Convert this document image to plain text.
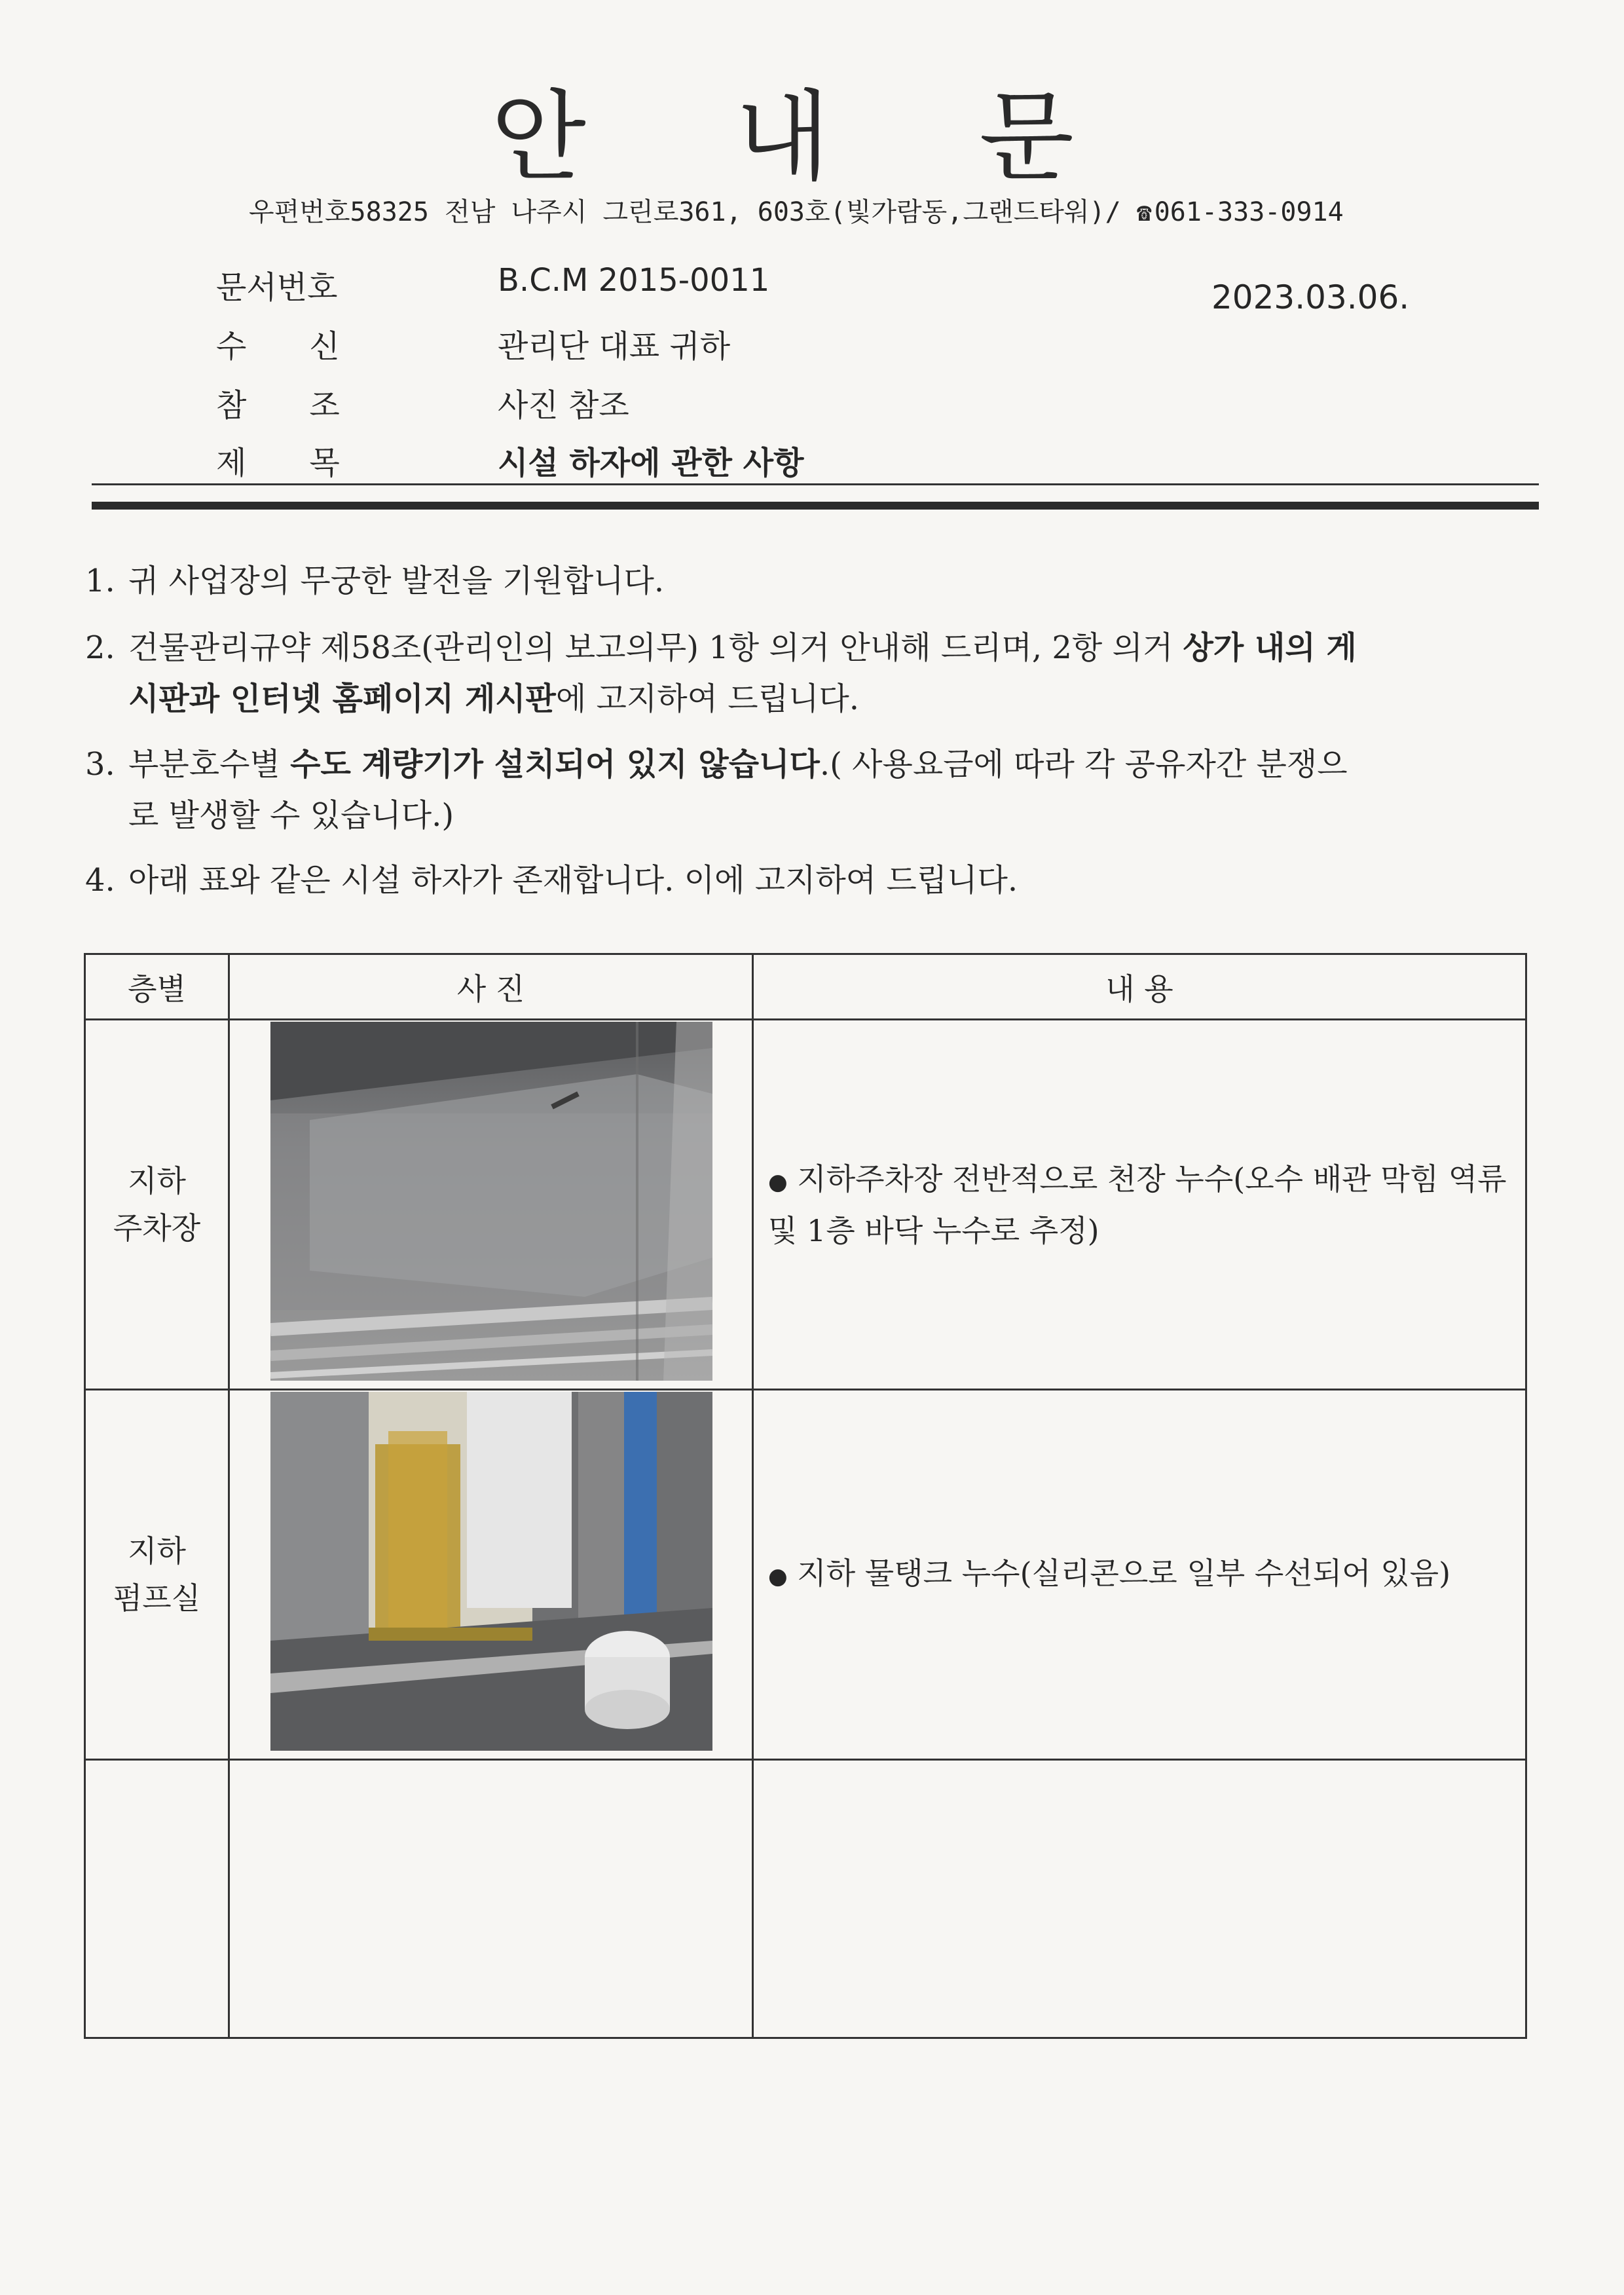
안 내 문
우편번호58325 전남 나주시 그린로361, 603호(빛가람동,그랜드타워)/ ☎ 061-333-0914
문서번호	B.C.M 2015-0011	2023.03.06.
수　　신	관리단 대표 귀하
참　　조	사진 참조
제　　목	시설 하자에 관한 사항
1. 귀 사업장의 무궁한 발전을 기원합니다.
2. 건물관리규약 제58조(관리인의 보고의무) 1항 의거 안내해 드리며, 2항 의거 상가 내의 게
시판과 인터넷 홈페이지 게시판에 고지하여 드립니다.
3. 부분호수별 수도 계량기가 설치되어 있지 않습니다.( 사용요금에 따라 각 공유자간 분쟁으
로 발생할 수 있습니다.)
4. 아래 표와 같은 시설 하자가 존재합니다. 이에 고지하여 드립니다.
층별	사 진	내 용

지하
주차장		● 지하주차장 전반적으로 천장 누수(오수 배관 막힘 역류 및 1층 바닥 누수로 추정)

지하
펌프실		● 지하 물탱크 누수(실리콘으로 일부 수선되어 있음)
